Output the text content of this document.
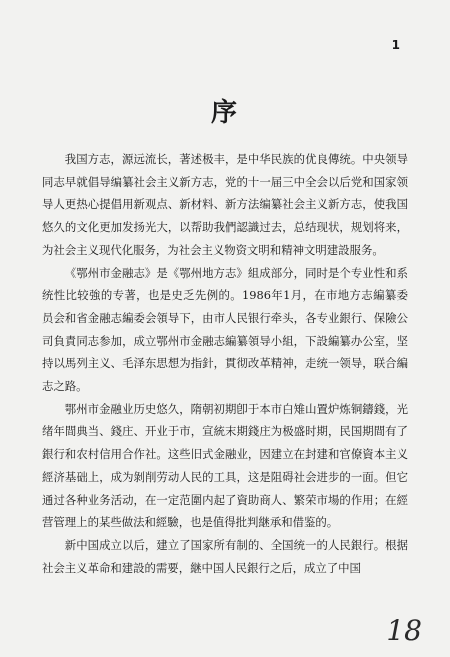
1
序

我国方志，源远流长，著述极丰，是中华民族的优良傳统。中央领导同志早就倡导编纂社会主义新方志，党的十一届三中全会以后党和国家领导人更热心提倡用新观点、新材料、新方法编纂社会主义新方志，使我国悠久的文化更加发扬光大，以帮助我們認識过去，总结现状，规划将来，为社会主义现代化服务，为社会主义物资文明和精神文明建設服务。

《鄂州市金融志》是《鄂州地方志》組成部分，同时是个专业性和系统性比较強的专著，也是史乏先例的。1986年1月，在市地方志編纂委员会和省金融志編委会領导下，由市人民银行牵头，各专业銀行、保險公司負責同志参加，成立鄂州市金融志編纂領导小組，下設編纂办公室，坚持以馬列主义、毛泽东思想为指針，貫彻改革精神，走统一领导，联合編志之路。

鄂州市金融业历史悠久，隋朝初期卽于本市白雉山置炉炼铜鑄錢，光绪年間典当、錢庄、开业于市，宣統末期錢庄为极盛时期，民国期間有了銀行和农村信用合作社。这些旧式金融业，因建立在封建和官僚資本主义經济基础上，成为剝削劳动人民的工具，这是阻碍社会进步的一面。但它通过各种业务活动，在一定范圍内起了資助商人、繁荣市場的作用；在經营管理上的某些做法和經驗，也是值得批判継承和借鉴的。

新中国成立以后，建立了国家所有制的、全国统一的人民銀行。根据社会主义革命和建設的需要，継中国人民銀行之后，成立了中国

18
